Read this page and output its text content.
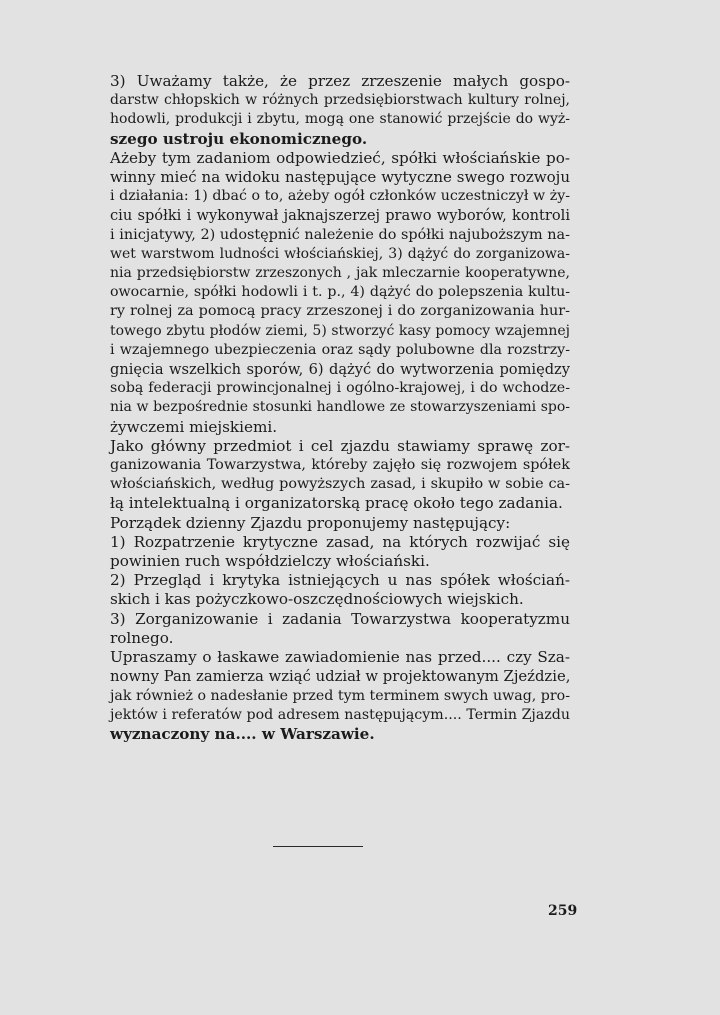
3) Uważamy także, że przez zrzeszenie małych gospo-
darstw chłopskich w różnych przedsiębiorstwach kultury rolnej,
hodowli, produkcji i zbytu, mogą one stanowić przejście do wyż-
szego ustroju ekonomicznego.

Ażeby tym zadaniom odpowiedzieć, spółki włościańskie po-
winny mieć na widoku następujące wytyczne swego rozwoju
i działania: 1) dbać o to, ażeby ogół członków uczestniczył w ży-
ciu spółki i wykonywał jaknajszerzej prawo wyborów, kontroli
i inicjatywy, 2) udostępnić należenie do spółki najuboższym na-
wet warstwom ludności włościańskiej, 3) dążyć do zorganizowa-
nia przedsiębiorstw zrzeszonych , jak mleczarnie kooperatywne,
owocarnie, spółki hodowli i t. p., 4) dążyć do polepszenia kultu-
ry rolnej za pomocą pracy zrzeszonej i do zorganizowania hur-
towego zbytu płodów ziemi, 5) stworzyć kasy pomocy wzajemnej
i wzajemnego ubezpieczenia oraz sądy polubowne dla rozstrzy-
gnięcia wszelkich sporów, 6) dążyć do wytworzenia pomiędzy
sobą federacji prowincjonalnej i ogólno-krajowej, i do wchodze-
nia w bezpośrednie stosunki handlowe ze stowarzyszeniami spo-
żywczemi miejskiemi.

Jako główny przedmiot i cel zjazdu stawiamy sprawę zor-
ganizowania Towarzystwa, któreby zajęło się rozwojem spółek
włościańskich, według powyższych zasad, i skupiło w sobie ca-
łą intelektualną i organizatorską pracę około tego zadania.

Porządek dzienny Zjazdu proponujemy następujący:

1) Rozpatrzenie krytyczne zasad, na których rozwijać się
powinien ruch współdzielczy włościański.

2) Przegląd i krytyka istniejących u nas spółek włościań-
skich i kas pożyczkowo-oszczędnościowych wiejskich.

3) Zorganizowanie i zadania Towarzystwa kooperatyzmu
rolnego.

Upraszamy o łaskawe zawiadomienie nas przed.... czy Sza-
nowny Pan zamierza wziąć udział w projektowanym Zjeździe,
jak również o nadesłanie przed tym terminem swych uwag, pro-
jektów i referatów pod adresem następującym.... Termin Zjazdu
wyznaczony na.... w Warszawie.

259
